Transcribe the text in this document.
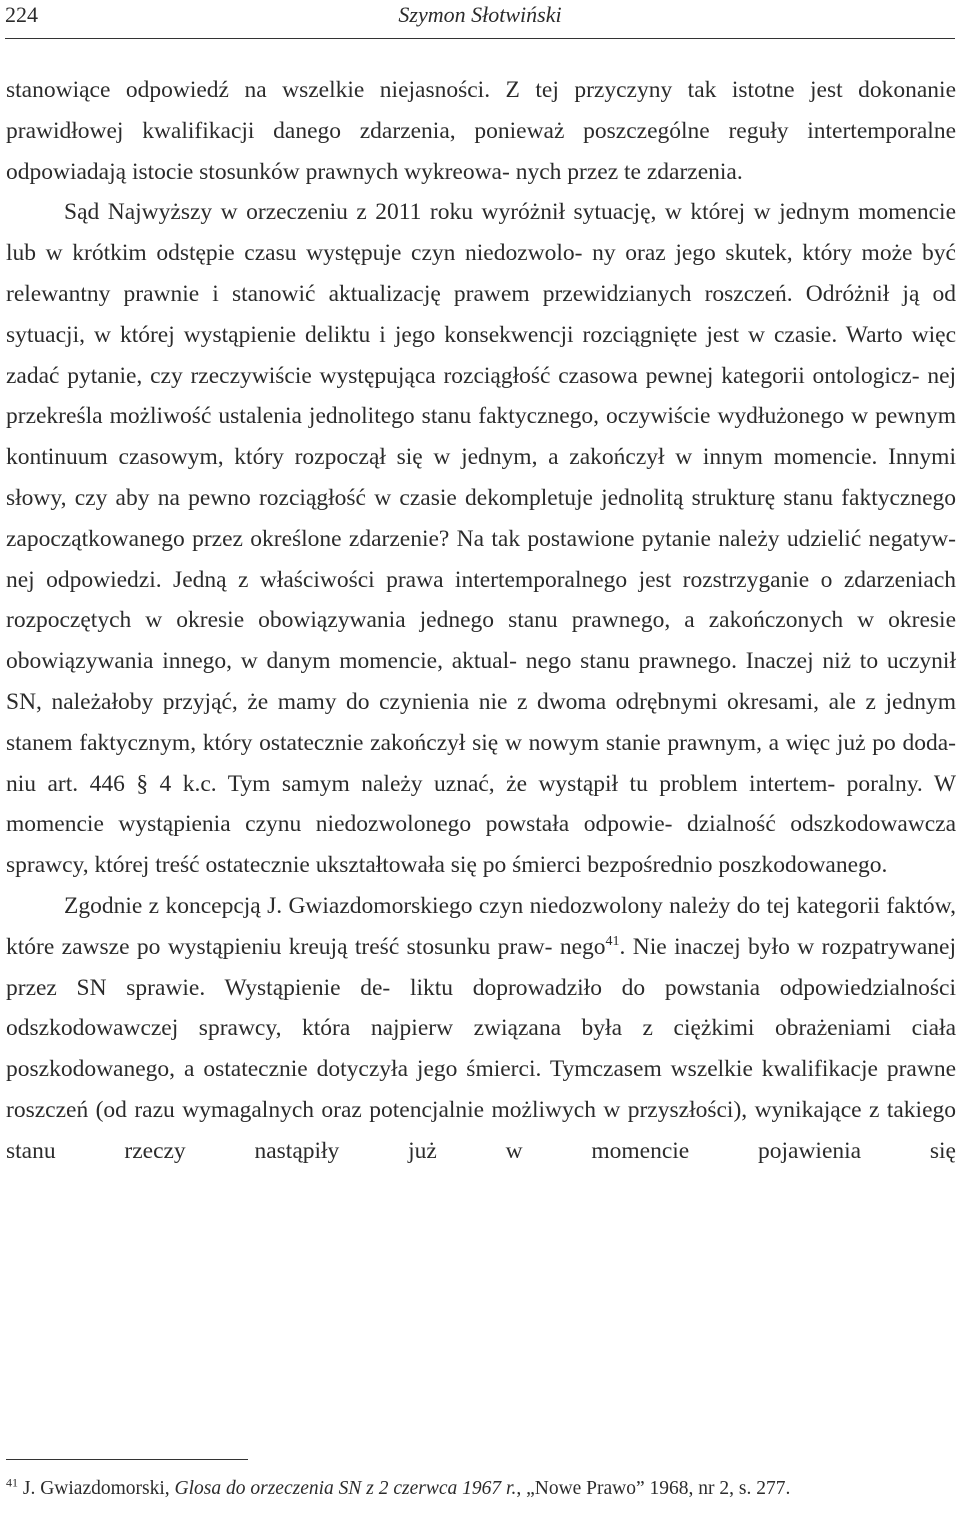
224	Szymon Słotwiński

stanowiące odpowiedź na wszelkie niejasności. Z tej przyczyny tak istotne jest dokonanie prawidłowej kwalifikacji danego zdarzenia, ponieważ poszczególne reguły intertemporalne odpowiadają istocie stosunków prawnych wykreowa- nych przez te zdarzenia.

Sąd Najwyższy w orzeczeniu z 2011 roku wyróżnił sytuację, w której w jednym momencie lub w krótkim odstępie czasu występuje czyn niedozwolo- ny oraz jego skutek, który może być relewantny prawnie i stanowić aktualizację prawem przewidzianych roszczeń. Odróżnił ją od sytuacji, w której wystąpienie deliktu i jego konsekwencji rozciągnięte jest w czasie. Warto więc zadać pytanie, czy rzeczywiście występująca rozciągłość czasowa pewnej kategorii ontologicz- nej przekreśla możliwość ustalenia jednolitego stanu faktycznego, oczywiście wydłużonego w pewnym kontinuum czasowym, który rozpoczął się w jednym, a zakończył w innym momencie. Innymi słowy, czy aby na pewno rozciągłość w czasie dekompletuje jednolitą strukturę stanu faktycznego zapoczątkowanego przez określone zdarzenie? Na tak postawione pytanie należy udzielić negatyw- nej odpowiedzi. Jedną z właściwości prawa intertemporalnego jest rozstrzyganie o zdarzeniach rozpoczętych w okresie obowiązywania jednego stanu prawnego, a zakończonych w okresie obowiązywania innego, w danym momencie, aktual- nego stanu prawnego. Inaczej niż to uczynił SN, należałoby przyjąć, że mamy do czynienia nie z dwoma odrębnymi okresami, ale z jednym stanem faktycznym, który ostatecznie zakończył się w nowym stanie prawnym, a więc już po doda- niu art. 446 § 4 k.c. Tym samym należy uznać, że wystąpił tu problem intertem- poralny. W momencie wystąpienia czynu niedozwolonego powstała odpowie- dzialność odszkodowawcza sprawcy, której treść ostatecznie ukształtowała się po śmierci bezpośrednio poszkodowanego.

Zgodnie z koncepcją J. Gwiazdomorskiego czyn niedozwolony należy do tej kategorii faktów, które zawsze po wystąpieniu kreują treść stosunku praw- nego$^{41}$. Nie inaczej było w rozpatrywanej przez SN sprawie. Wystąpienie de- liktu doprowadziło do powstania odpowiedzialności odszkodowawczej sprawcy, która najpierw związana była z ciężkimi obrażeniami ciała poszkodowanego, a ostatecznie dotyczyła jego śmierci. Tymczasem wszelkie kwalifikacje prawne roszczeń (od razu wymagalnych oraz potencjalnie możliwych w przyszłości), wynikające z takiego stanu rzeczy nastąpiły już w momencie pojawienia się

$^{41}$ J. Gwiazdomorski, Glosa do orzeczenia SN z 2 czerwca 1967 r., „Nowe Prawo” 1968, nr 2, s. 277.
